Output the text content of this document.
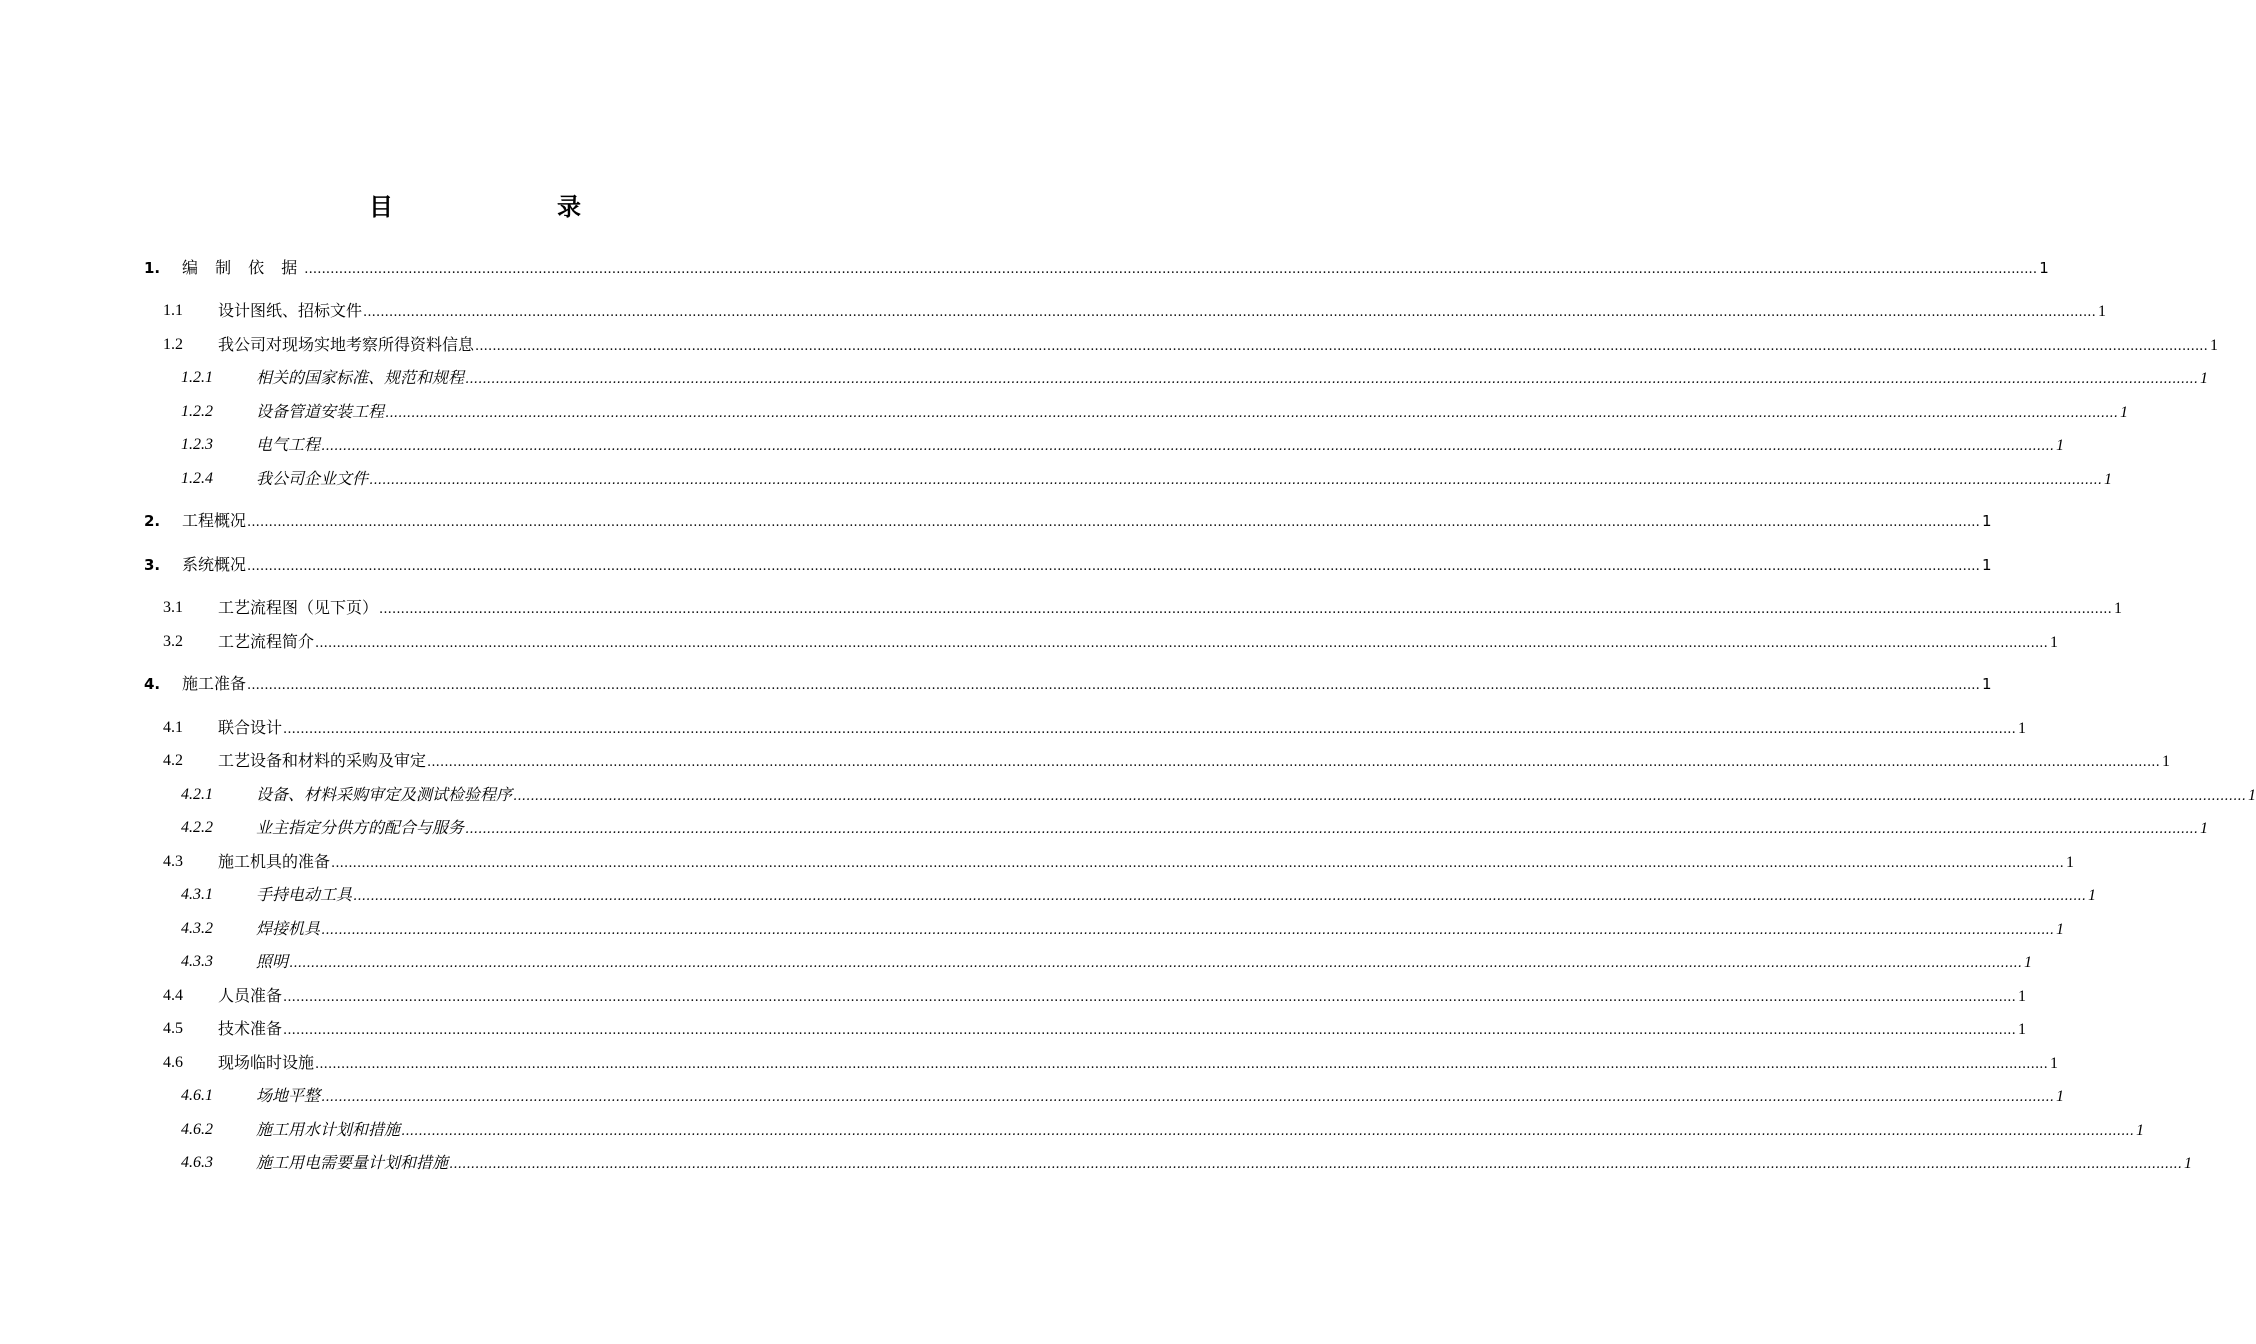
目　录
1. 编 制 依 据 ................................................................................................................................................................................................................................................................................................................................................................................................................ 1
1.1 设计图纸、招标文件 ................................................................................................................................................................................................................................................................................................................................................................................................................ 1
1.2 我公司对现场实地考察所得资料信息 ................................................................................................................................................................................................................................................................................................................................................................................................................ 1
1.2.1	相关的国家标准、规范和规程 ................................................................................................................................................................................................................................................................................................................................................................................................................ 1
1.2.2	设备管道安装工程 ................................................................................................................................................................................................................................................................................................................................................................................................................ 1
1.2.3	电气工程 ................................................................................................................................................................................................................................................................................................................................................................................................................ 1
1.2.4	我公司企业文件 ................................................................................................................................................................................................................................................................................................................................................................................................................ 1
2. 工程概况 ................................................................................................................................................................................................................................................................................................................................................................................................................ 1
3. 系统概况 ................................................................................................................................................................................................................................................................................................................................................................................................................ 1
3.1 工艺流程图（见下页） ................................................................................................................................................................................................................................................................................................................................................................................................................ 1
3.2 工艺流程简介 ................................................................................................................................................................................................................................................................................................................................................................................................................ 1
4. 施工准备 ................................................................................................................................................................................................................................................................................................................................................................................................................ 1
4.1 联合设计 ................................................................................................................................................................................................................................................................................................................................................................................................................ 1
4.2 工艺设备和材料的采购及审定 ................................................................................................................................................................................................................................................................................................................................................................................................................ 1
4.2.1	设备、材料采购审定及测试检验程序 ................................................................................................................................................................................................................................................................................................................................................................................................................ 1
4.2.2	业主指定分供方的配合与服务 ................................................................................................................................................................................................................................................................................................................................................................................................................ 1
4.3 施工机具的准备 ................................................................................................................................................................................................................................................................................................................................................................................................................ 1
4.3.1	手持电动工具 ................................................................................................................................................................................................................................................................................................................................................................................................................ 1
4.3.2	焊接机具 ................................................................................................................................................................................................................................................................................................................................................................................................................ 1
4.3.3	照明 ................................................................................................................................................................................................................................................................................................................................................................................................................ 1
4.4 人员准备 ................................................................................................................................................................................................................................................................................................................................................................................................................ 1
4.5 技术准备 ................................................................................................................................................................................................................................................................................................................................................................................................................ 1
4.6 现场临时设施 ................................................................................................................................................................................................................................................................................................................................................................................................................ 1
4.6.1	场地平整 ................................................................................................................................................................................................................................................................................................................................................................................................................ 1
4.6.2	施工用水计划和措施 ................................................................................................................................................................................................................................................................................................................................................................................................................ 1
4.6.3	施工用电需要量计划和措施 ................................................................................................................................................................................................................................................................................................................................................................................................................ 1
